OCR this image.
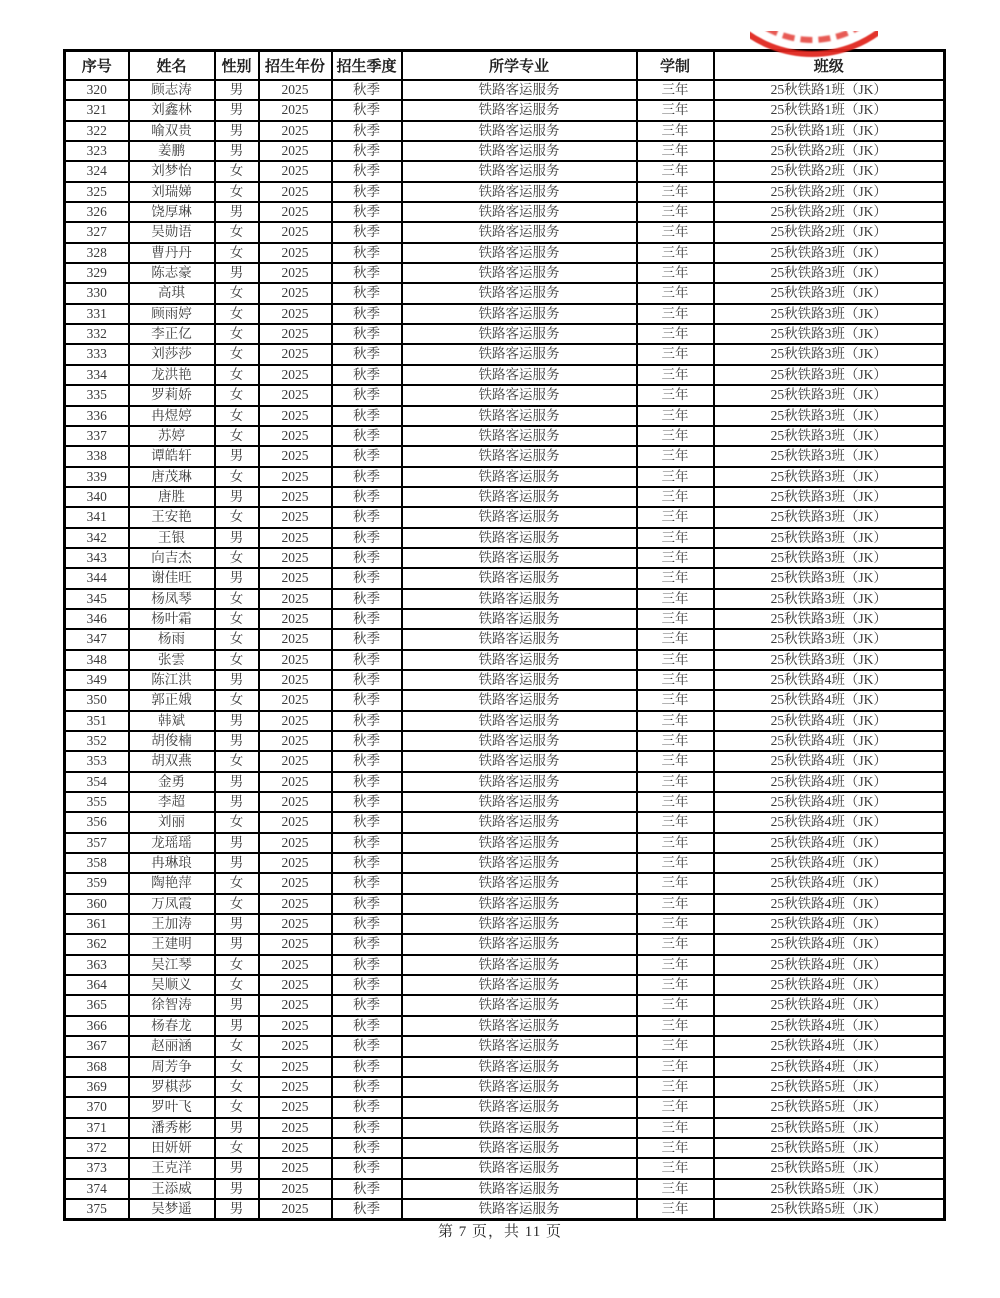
序号	姓名	性别	招生年份	招生季度	所学专业	学制	班级
320	顾志涛	男	2025	秋季	铁路客运服务	三年	25秋铁路1班（JK）
321	刘鑫林	男	2025	秋季	铁路客运服务	三年	25秋铁路1班（JK）
322	喻双贵	男	2025	秋季	铁路客运服务	三年	25秋铁路1班（JK）
323	姜鹏	男	2025	秋季	铁路客运服务	三年	25秋铁路2班（JK）
324	刘梦怡	女	2025	秋季	铁路客运服务	三年	25秋铁路2班（JK）
325	刘瑞娣	女	2025	秋季	铁路客运服务	三年	25秋铁路2班（JK）
326	饶厚琳	男	2025	秋季	铁路客运服务	三年	25秋铁路2班（JK）
327	吴勋语	女	2025	秋季	铁路客运服务	三年	25秋铁路2班（JK）
328	曹丹丹	女	2025	秋季	铁路客运服务	三年	25秋铁路3班（JK）
329	陈志豪	男	2025	秋季	铁路客运服务	三年	25秋铁路3班（JK）
330	高琪	女	2025	秋季	铁路客运服务	三年	25秋铁路3班（JK）
331	顾雨婷	女	2025	秋季	铁路客运服务	三年	25秋铁路3班（JK）
332	李正亿	女	2025	秋季	铁路客运服务	三年	25秋铁路3班（JK）
333	刘莎莎	女	2025	秋季	铁路客运服务	三年	25秋铁路3班（JK）
334	龙洪艳	女	2025	秋季	铁路客运服务	三年	25秋铁路3班（JK）
335	罗莉娇	女	2025	秋季	铁路客运服务	三年	25秋铁路3班（JK）
336	冉煜婷	女	2025	秋季	铁路客运服务	三年	25秋铁路3班（JK）
337	苏婷	女	2025	秋季	铁路客运服务	三年	25秋铁路3班（JK）
338	谭皓轩	男	2025	秋季	铁路客运服务	三年	25秋铁路3班（JK）
339	唐茂琳	女	2025	秋季	铁路客运服务	三年	25秋铁路3班（JK）
340	唐胜	男	2025	秋季	铁路客运服务	三年	25秋铁路3班（JK）
341	王安艳	女	2025	秋季	铁路客运服务	三年	25秋铁路3班（JK）
342	王银	男	2025	秋季	铁路客运服务	三年	25秋铁路3班（JK）
343	向吉杰	女	2025	秋季	铁路客运服务	三年	25秋铁路3班（JK）
344	谢佳旺	男	2025	秋季	铁路客运服务	三年	25秋铁路3班（JK）
345	杨凤琴	女	2025	秋季	铁路客运服务	三年	25秋铁路3班（JK）
346	杨叶霜	女	2025	秋季	铁路客运服务	三年	25秋铁路3班（JK）
347	杨雨	女	2025	秋季	铁路客运服务	三年	25秋铁路3班（JK）
348	张雲	女	2025	秋季	铁路客运服务	三年	25秋铁路3班（JK）
349	陈江洪	男	2025	秋季	铁路客运服务	三年	25秋铁路4班（JK）
350	郭正娥	女	2025	秋季	铁路客运服务	三年	25秋铁路4班（JK）
351	韩斌	男	2025	秋季	铁路客运服务	三年	25秋铁路4班（JK）
352	胡俊楠	男	2025	秋季	铁路客运服务	三年	25秋铁路4班（JK）
353	胡双燕	女	2025	秋季	铁路客运服务	三年	25秋铁路4班（JK）
354	金勇	男	2025	秋季	铁路客运服务	三年	25秋铁路4班（JK）
355	李超	男	2025	秋季	铁路客运服务	三年	25秋铁路4班（JK）
356	刘丽	女	2025	秋季	铁路客运服务	三年	25秋铁路4班（JK）
357	龙瑶瑶	男	2025	秋季	铁路客运服务	三年	25秋铁路4班（JK）
358	冉琳琅	男	2025	秋季	铁路客运服务	三年	25秋铁路4班（JK）
359	陶艳萍	女	2025	秋季	铁路客运服务	三年	25秋铁路4班（JK）
360	万凤霞	女	2025	秋季	铁路客运服务	三年	25秋铁路4班（JK）
361	王加涛	男	2025	秋季	铁路客运服务	三年	25秋铁路4班（JK）
362	王建明	男	2025	秋季	铁路客运服务	三年	25秋铁路4班（JK）
363	吴江琴	女	2025	秋季	铁路客运服务	三年	25秋铁路4班（JK）
364	吴顺义	女	2025	秋季	铁路客运服务	三年	25秋铁路4班（JK）
365	徐智涛	男	2025	秋季	铁路客运服务	三年	25秋铁路4班（JK）
366	杨春龙	男	2025	秋季	铁路客运服务	三年	25秋铁路4班（JK）
367	赵丽涵	女	2025	秋季	铁路客运服务	三年	25秋铁路4班（JK）
368	周芳争	女	2025	秋季	铁路客运服务	三年	25秋铁路4班（JK）
369	罗棋莎	女	2025	秋季	铁路客运服务	三年	25秋铁路5班（JK）
370	罗叶飞	女	2025	秋季	铁路客运服务	三年	25秋铁路5班（JK）
371	潘秀彬	男	2025	秋季	铁路客运服务	三年	25秋铁路5班（JK）
372	田妍妍	女	2025	秋季	铁路客运服务	三年	25秋铁路5班（JK）
373	王克洋	男	2025	秋季	铁路客运服务	三年	25秋铁路5班（JK）
374	王添威	男	2025	秋季	铁路客运服务	三年	25秋铁路5班（JK）
375	吴梦遥	男	2025	秋季	铁路客运服务	三年	25秋铁路5班（JK）
第 7 页，共 11 页
